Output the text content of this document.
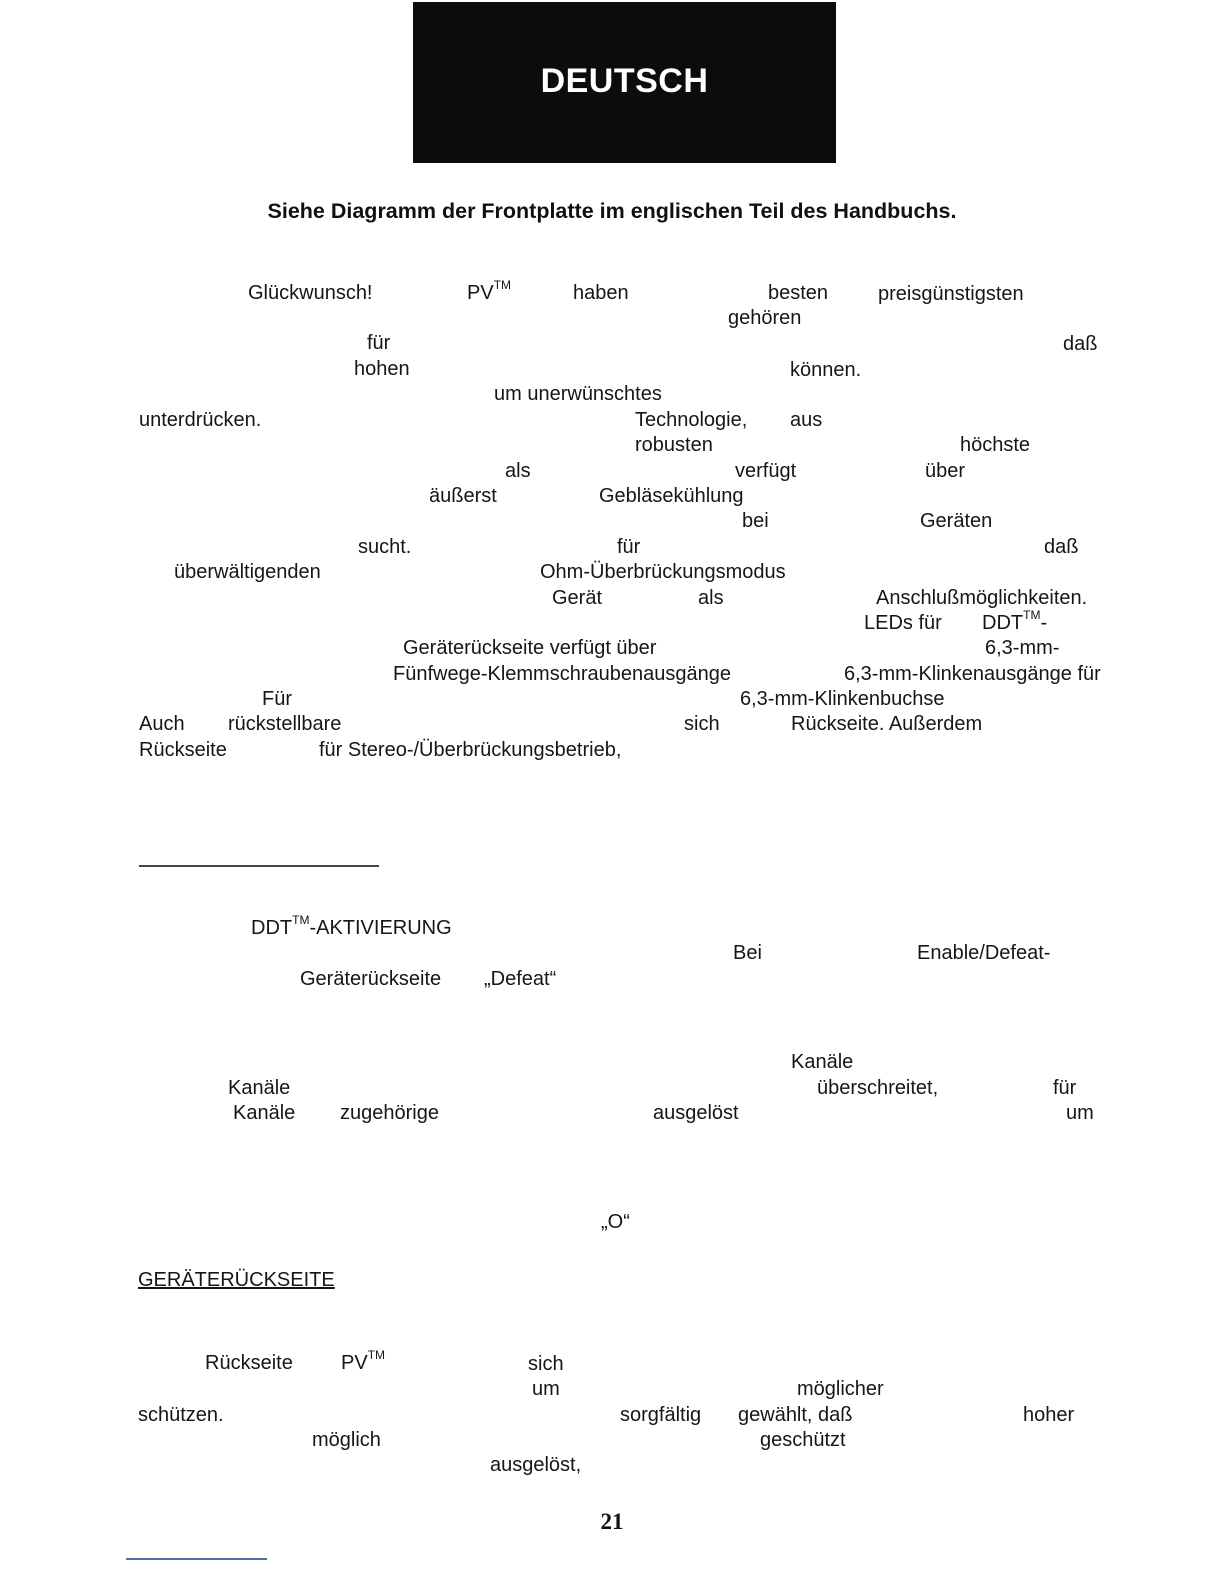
DEUTSCH
Siehe Diagramm der Frontplatte im englischen Teil des Handbuchs.
Glückwunsch!	PV™	haben	besten preisgünstigsten
gehören
für	daß
hohen	können.
um unerwünschtes
unterdrücken.	Technologie, aus
robusten	höchste
als	verfügt	über
äußerst	Gebläsekühlung
bei	Geräten
sucht.	für	daß
überwältigenden	Ohm-Überbrückungsmodus
Gerät	als	Anschlußmöglichkeiten.
LEDs für DDT™-
Geräterückseite verfügt über	6,3-mm-
Fünfwege-Klemmschraubenausgänge	6,3-mm-Klinkenausgänge für
Für	6,3-mm-Klinkenbuchse
Auch rückstellbare	sich	Rückseite. Außerdem
Rückseite	für Stereo-/Überbrückungsbetrieb,
DDT™-AKTIVIERUNG
Bei	Enable/Defeat-
Geräterückseite „Defeat“
Kanäle
Kanäle	überschreitet,	für
Kanäle zugehörige	ausgelöst	um
„O“
GERÄTERÜCKSEITE
Rückseite PV™	sich
um	möglicher
schützen.	sorgfältig gewählt, daß	hoher
möglich	geschützt
ausgelöst,
21
